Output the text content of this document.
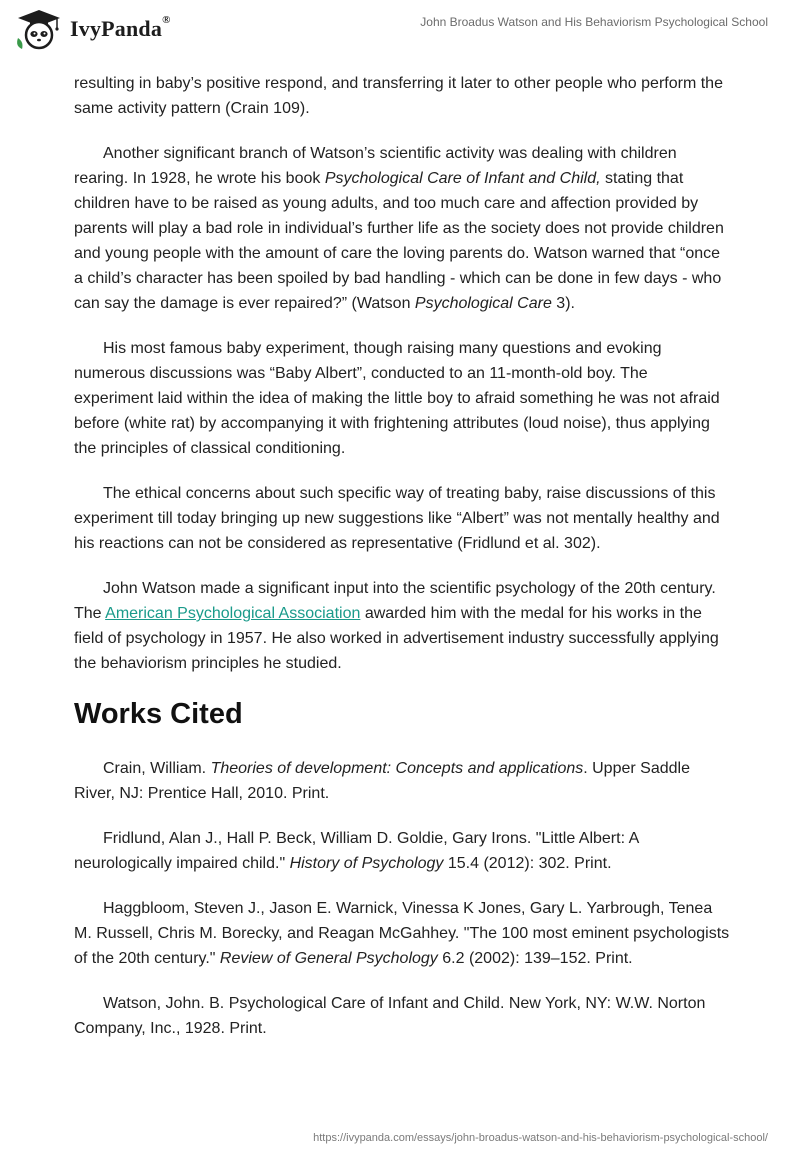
IvyPanda®	John Broadus Watson and His Behaviorism Psychological School

resulting in baby’s positive respond, and transferring it later to other people who perform the same activity pattern (Crain 109).

Another significant branch of Watson’s scientific activity was dealing with children rearing. In 1928, he wrote his book Psychological Care of Infant and Child, stating that children have to be raised as young adults, and too much care and affection provided by parents will play a bad role in individual’s further life as the society does not provide children and young people with the amount of care the loving parents do. Watson warned that “once a child’s character has been spoiled by bad handling - which can be done in few days - who can say the damage is ever repaired?” (Watson Psychological Care 3).

His most famous baby experiment, though raising many questions and evoking numerous discussions was “Baby Albert”, conducted to an 11-month-old boy. The experiment laid within the idea of making the little boy to afraid something he was not afraid before (white rat) by accompanying it with frightening attributes (loud noise), thus applying the principles of classical conditioning.

The ethical concerns about such specific way of treating baby, raise discussions of this experiment till today bringing up new suggestions like “Albert” was not mentally healthy and his reactions can not be considered as representative (Fridlund et al. 302).

John Watson made a significant input into the scientific psychology of the 20th century. The American Psychological Association awarded him with the medal for his works in the field of psychology in 1957. He also worked in advertisement industry successfully applying the behaviorism principles he studied.

Works Cited

Crain, William. Theories of development: Concepts and applications. Upper Saddle River, NJ: Prentice Hall, 2010. Print.

Fridlund, Alan J., Hall P. Beck, William D. Goldie, Gary Irons. "Little Albert: A neurologically impaired child." History of Psychology 15.4 (2012): 302. Print.

Haggbloom, Steven J., Jason E. Warnick, Vinessa K Jones, Gary L. Yarbrough, Tenea M. Russell, Chris M. Borecky, and Reagan McGahhey. "The 100 most eminent psychologists of the 20th century." Review of General Psychology 6.2 (2002): 139–152. Print.

Watson, John. B. Psychological Care of Infant and Child. New York, NY: W.W. Norton Company, Inc., 1928. Print.

https://ivypanda.com/essays/john-broadus-watson-and-his-behaviorism-psychological-school/
